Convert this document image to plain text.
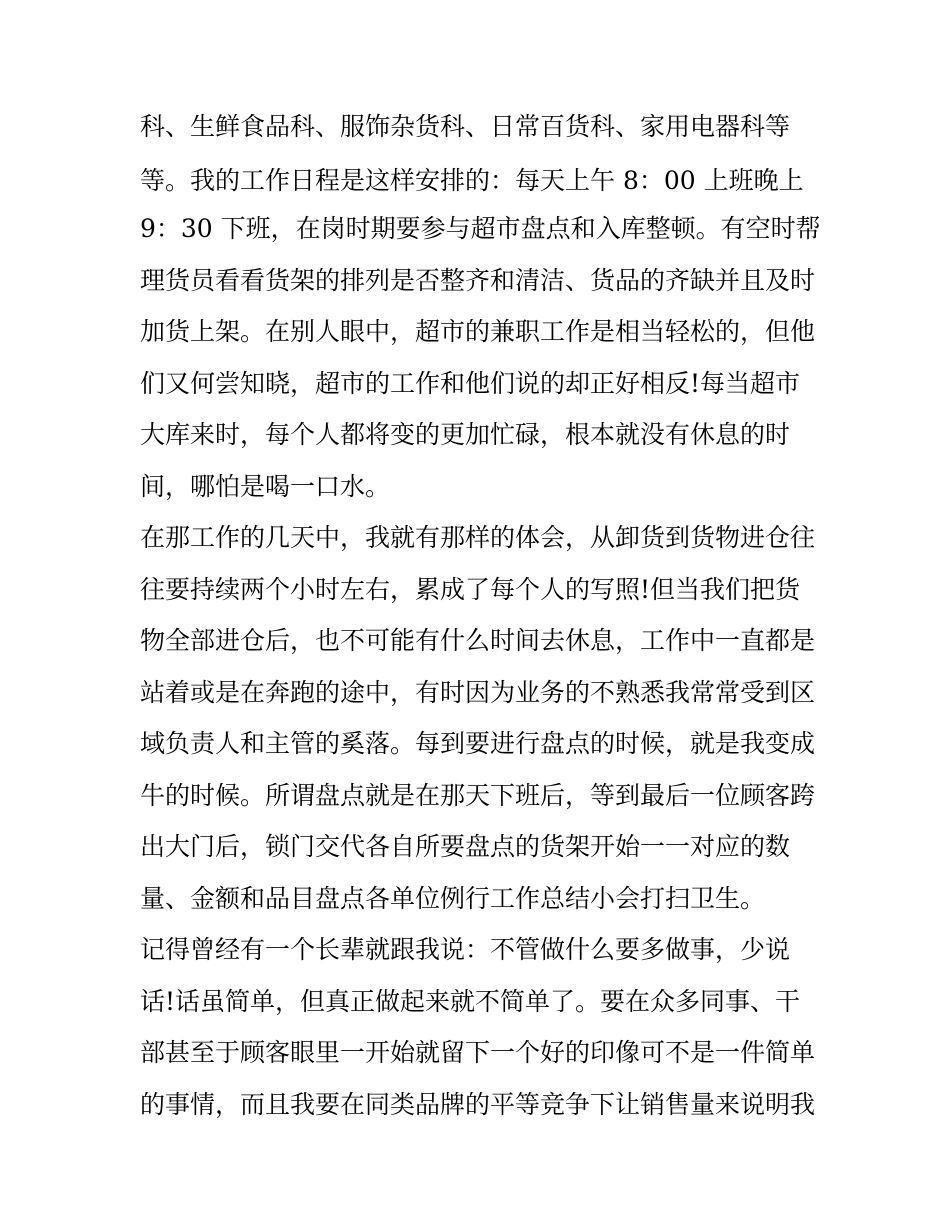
科、生鲜食品科、服饰杂货科、日常百货科、家用电器科等
等。我的工作日程是这样安排的：每天上午 8：00 上班晚上
9：30 下班，在岗时期要参与超市盘点和入库整顿。有空时帮
理货员看看货架的排列是否整齐和清洁、货品的齐缺并且及时
加货上架。在别人眼中，超市的兼职工作是相当轻松的，但他
们又何尝知晓，超市的工作和他们说的却正好相反!每当超市
大库来时，每个人都将变的更加忙碌，根本就没有休息的时
间，哪怕是喝一口水。
在那工作的几天中，我就有那样的体会，从卸货到货物进仓往
往要持续两个小时左右，累成了每个人的写照!但当我们把货
物全部进仓后，也不可能有什么时间去休息，工作中一直都是
站着或是在奔跑的途中，有时因为业务的不熟悉我常常受到区
域负责人和主管的奚落。每到要进行盘点的时候，就是我变成
牛的时候。所谓盘点就是在那天下班后，等到最后一位顾客跨
出大门后，锁门交代各自所要盘点的货架开始一一对应的数
量、金额和品目盘点各单位例行工作总结小会打扫卫生。
记得曾经有一个长辈就跟我说：不管做什么要多做事，少说
话!话虽简单，但真正做起来就不简单了。要在众多同事、干
部甚至于顾客眼里一开始就留下一个好的印像可不是一件简单
的事情，而且我要在同类品牌的平等竞争下让销售量来说明我
